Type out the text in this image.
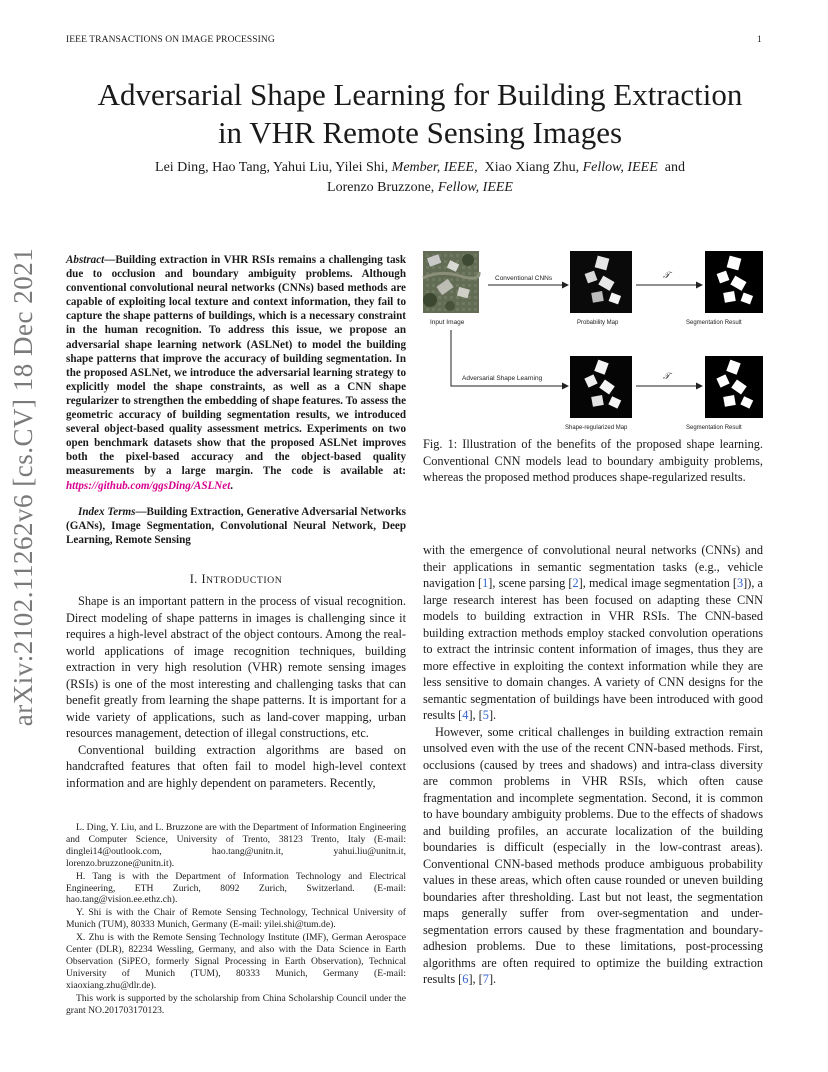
IEEE TRANSACTIONS ON IMAGE PROCESSING	1
Adversarial Shape Learning for Building Extraction
in VHR Remote Sensing Images
Lei Ding, Hao Tang, Yahui Liu, Yilei Shi, Member, IEEE, Xiao Xiang Zhu, Fellow, IEEE and
Lorenzo Bruzzone, Fellow, IEEE
arXiv:2102.11262v6 [cs.CV] 18 Dec 2021	Abstract—Building extraction in VHR RSIs remains a challenging task due to occlusion and boundary ambiguity problems. Although conventional convolutional neural networks (CNNs) based methods are capable of exploiting local texture and context information, they fail to capture the shape patterns of buildings, which is a necessary constraint in the human recognition. To address this issue, we propose an adversarial shape learning network (ASLNet) to model the building shape patterns that improve the accuracy of building segmentation. In the proposed ASLNet, we introduce the adversarial learning strategy to explicitly model the shape constraints, as well as a CNN shape regularizer to strengthen the embedding of shape features. To assess the geometric accuracy of building segmentation results, we introduced several object-based quality assessment metrics. Experiments on two open benchmark datasets show that the proposed ASLNet improves both the pixel-based accuracy and the object-based quality measurements by a large margin. The code is available at: https://github.com/ggsDing/ASLNet.
Index Terms—Building Extraction, Generative Adversarial Networks (GANs), Image Segmentation, Convolutional Neural Network, Deep Learning, Remote Sensing
I. INTRODUCTION

Shape is an important pattern in the process of visual recognition. Direct modeling of shape patterns in images is challenging since it requires a high-level abstract of the object contours. Among the real-world applications of image recognition techniques, building extraction in very high resolution (VHR) remote sensing images (RSIs) is one of the most interesting and challenging tasks that can benefit greatly from learning the shape patterns. It is important for a wide variety of applications, such as land-cover mapping, urban resources management, detection of illegal constructions, etc.

Conventional building extraction algorithms are based on handcrafted features that often fail to model high-level context information and are highly dependent on parameters. Recently,

L. Ding, Y. Liu, and L. Bruzzone are with the Department of Information Engineering and Computer Science, University of Trento, 38123 Trento, Italy (E-mail: dinglei14@outlook.com, hao.tang@unitn.it, yahui.liu@unitn.it, lorenzo.bruzzone@unitn.it).

H. Tang is with the Department of Information Technology and Electrical Engineering, ETH Zurich, 8092 Zurich, Switzerland. (E-mail: hao.tang@vision.ee.ethz.ch).

Y. Shi is with the Chair of Remote Sensing Technology, Technical University of Munich (TUM), 80333 Munich, Germany (E-mail: yilei.shi@tum.de).

X. Zhu is with the Remote Sensing Technology Institute (IMF), German Aerospace Center (DLR), 82234 Wessling, Germany, and also with the Data Science in Earth Observation (SiPEO, formerly Signal Processing in Earth Observation), Technical University of Munich (TUM), 80333 Munich, Germany (E-mail: xiaoxiang.zhu@dlr.de).

This work is supported by the scholarship from China Scholarship Council under the grant NO.201703170123.

Conventional CNNs
Probability Map
𝒯
Segmentation Result
Input Image
Adversarial Shape Learning
Shape-regularized Map
𝒯
Segmentation Result
Fig. 1: Illustration of the benefits of the proposed shape learning. Conventional CNN models lead to boundary ambiguity problems, whereas the proposed method produces shape-regularized results.

with the emergence of convolutional neural networks (CNNs) and their applications in semantic segmentation tasks (e.g., vehicle navigation [1], scene parsing [2], medical image segmentation [3]), a large research interest has been focused on adapting these CNN models to building extraction in VHR RSIs. The CNN-based building extraction methods employ stacked convolution operations to extract the intrinsic content information of images, thus they are more effective in exploiting the context information while they are less sensitive to domain changes. A variety of CNN designs for the semantic segmentation of buildings have been introduced with good results [4], [5].

However, some critical challenges in building extraction remain unsolved even with the use of the recent CNN-based methods. First, occlusions (caused by trees and shadows) and intra-class diversity are common problems in VHR RSIs, which often cause fragmentation and incomplete segmentation. Second, it is common to have boundary ambiguity problems. Due to the effects of shadows and building profiles, an accurate localization of the building boundaries is difficult (especially in the low-contrast areas). Conventional CNN-based methods produce ambiguous probability values in these areas, which often cause rounded or uneven building boundaries after thresholding. Last but not least, the segmentation maps generally suffer from over-segmentation and under-segmentation errors caused by these fragmentation and boundary-adhesion problems. Due to these limitations, post-processing algorithms are often required to optimize the building extraction results [6], [7].
